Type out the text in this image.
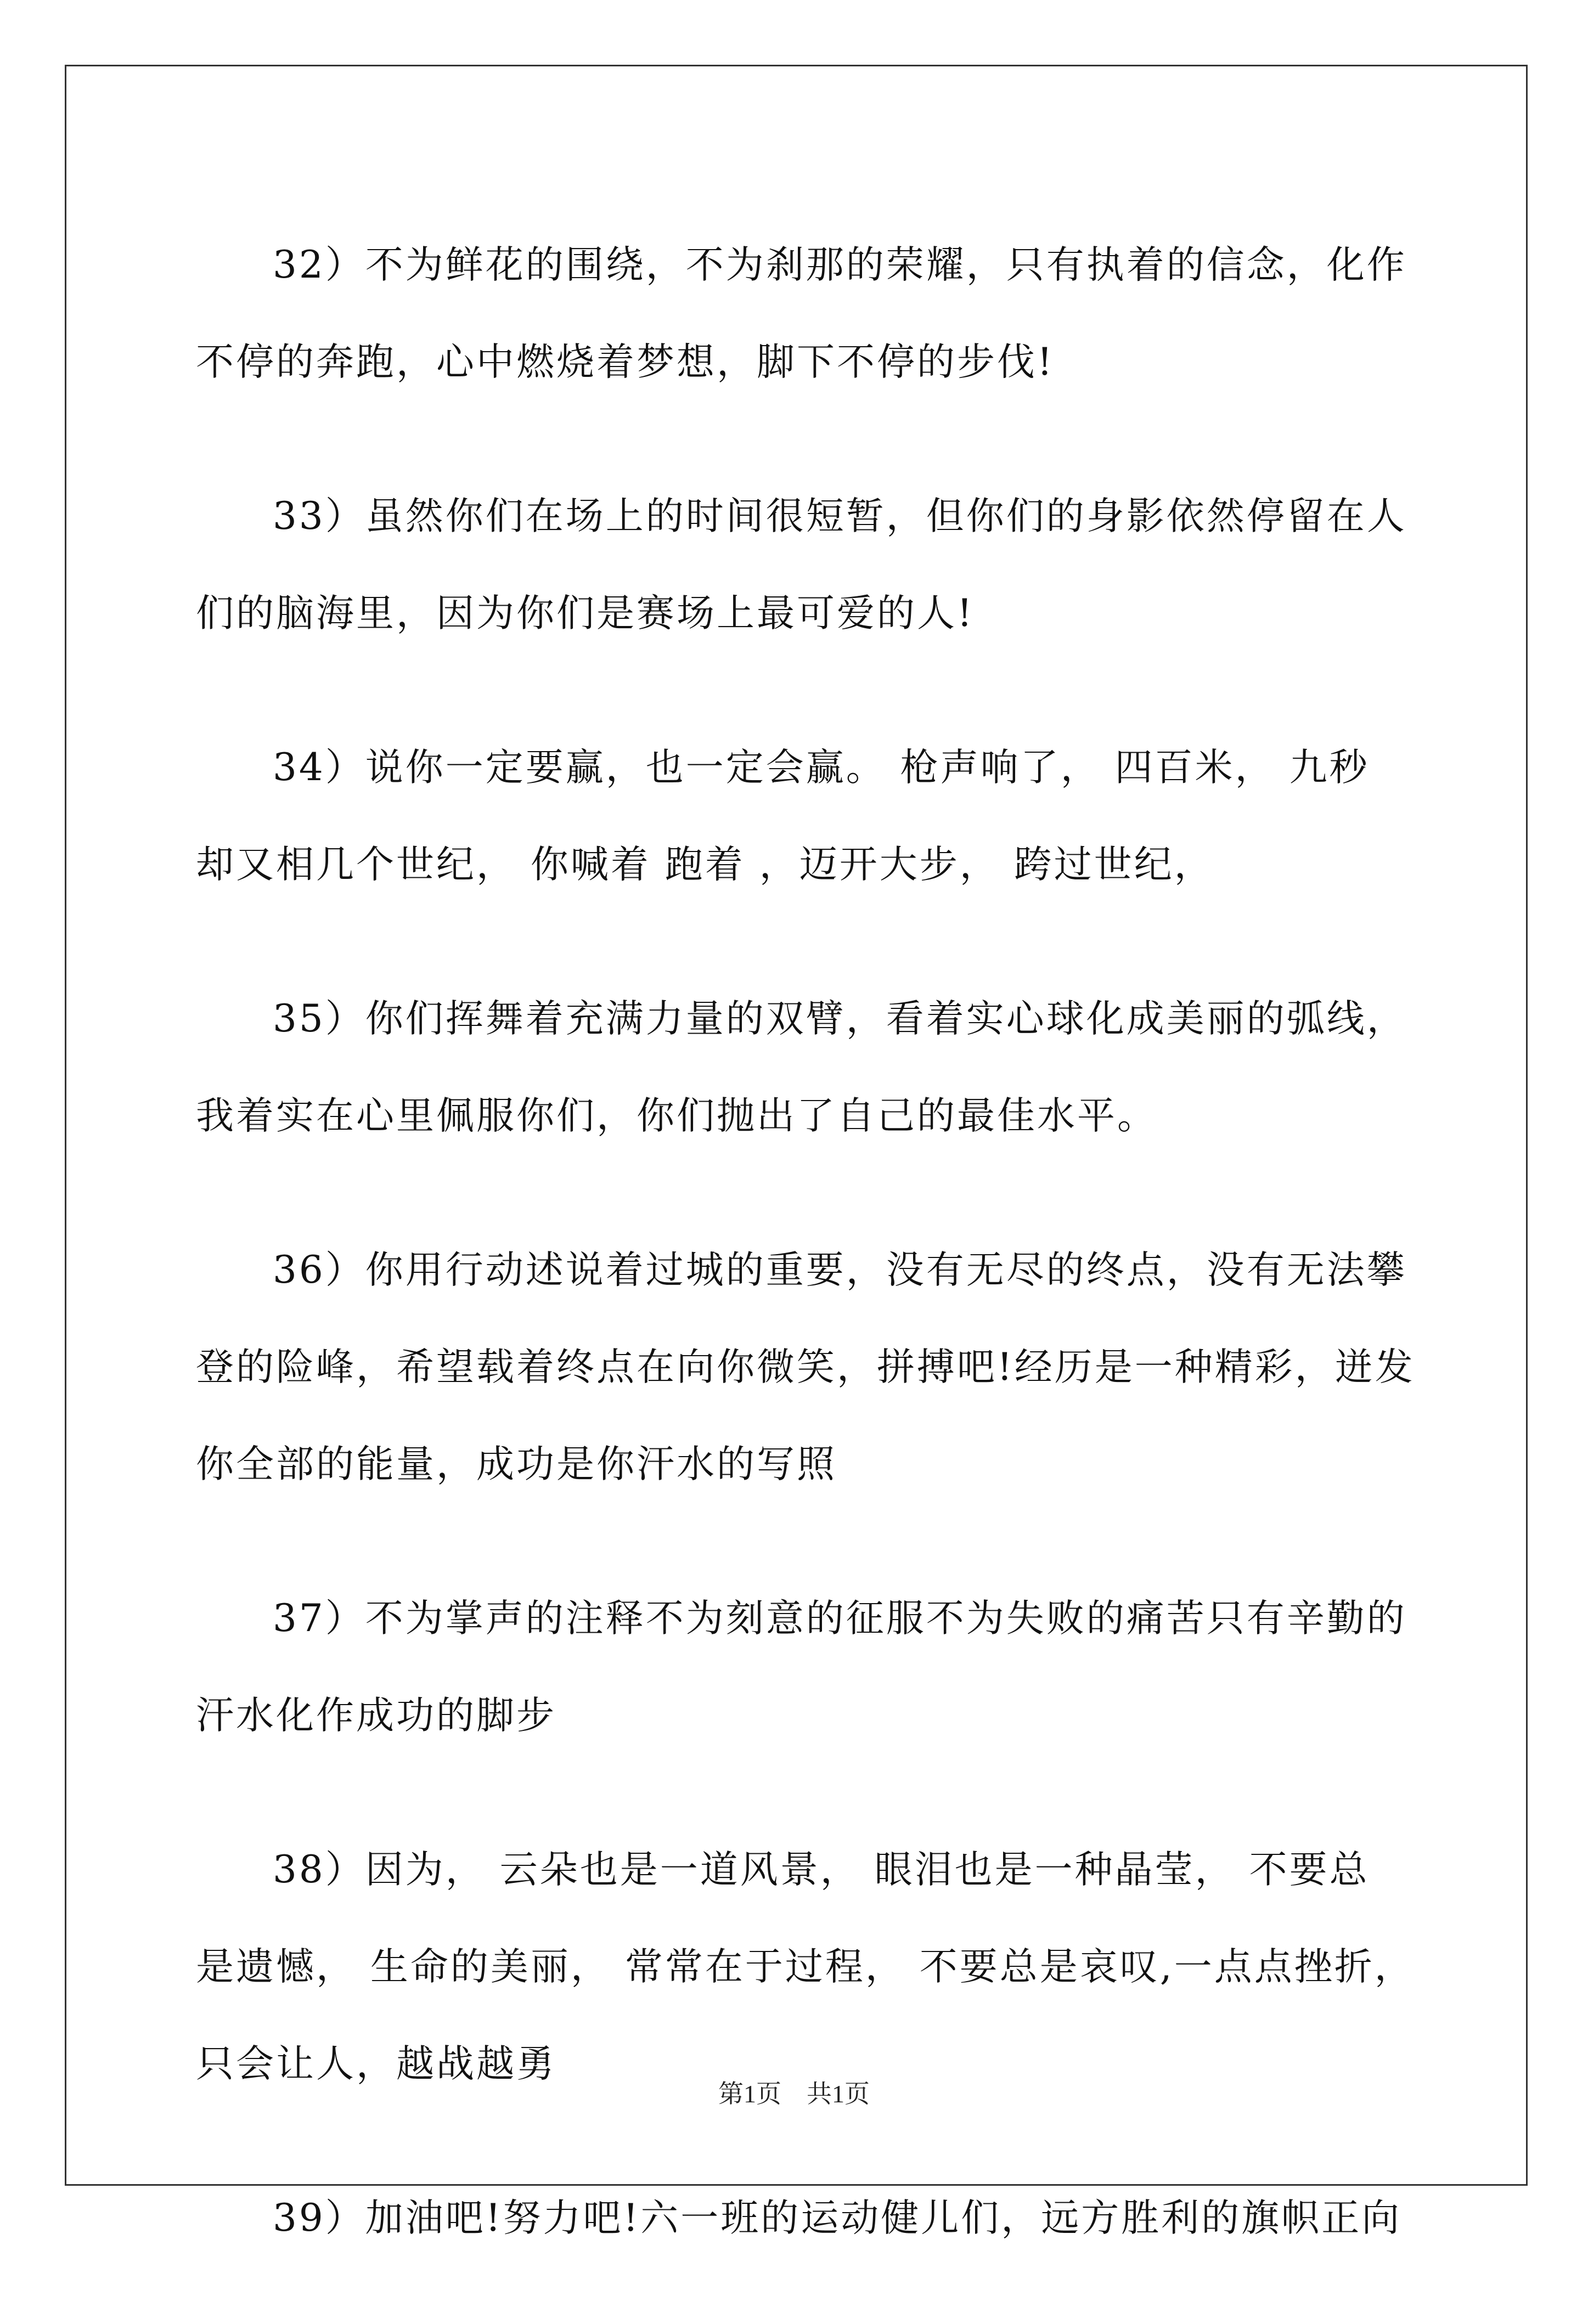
32）不为鲜花的围绕，不为刹那的荣耀，只有执着的信念，化作
不停的奔跑，心中燃烧着梦想，脚下不停的步伐!

33）虽然你们在场上的时间很短暂，但你们的身影依然停留在人
们的脑海里，因为你们是赛场上最可爱的人!

34）说你一定要赢，也一定会赢。 枪声响了， 四百米， 九秒
却又相几个世纪， 你喊着 跑着 ，迈开大步， 跨过世纪，

35）你们挥舞着充满力量的双臂，看着实心球化成美丽的弧线，
我着实在心里佩服你们，你们抛出了自己的最佳水平。

36）你用行动述说着过城的重要，没有无尽的终点，没有无法攀
登的险峰，希望载着终点在向你微笑，拼搏吧!经历是一种精彩，迸发
你全部的能量，成功是你汗水的写照

37）不为掌声的注释不为刻意的征服不为失败的痛苦只有辛勤的
汗水化作成功的脚步

38）因为， 云朵也是一道风景， 眼泪也是一种晶莹， 不要总
是遗憾， 生命的美丽， 常常在于过程， 不要总是哀叹,一点点挫折，
只会让人，越战越勇

39）加油吧!努力吧!六一班的运动健儿们，远方胜利的旗帜正向

第1页 共1页
